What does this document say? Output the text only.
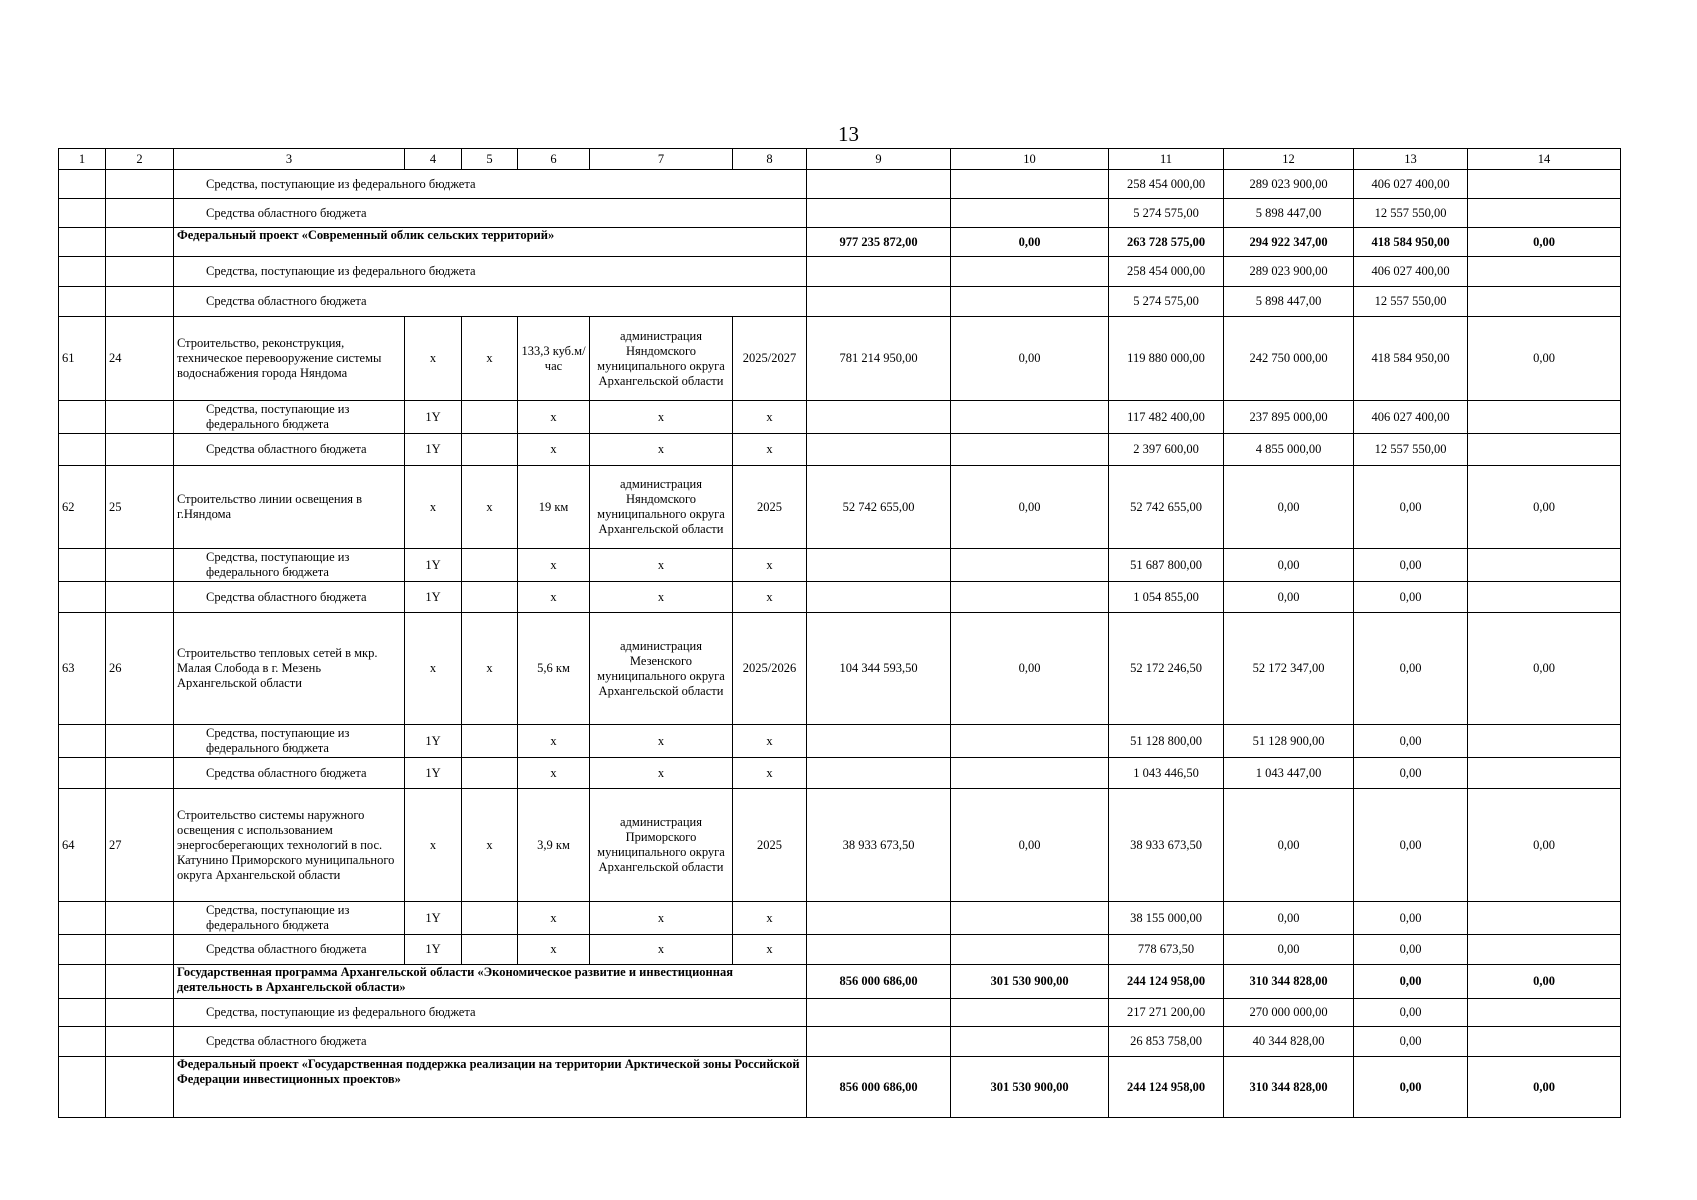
13
1	2	3	4	5	6	7	8	9	10	11	12	13	14
		Средства, поступающие из федерального бюджета								258 454 000,00	289 023 900,00	406 027 400,00	
		Средства областного бюджета								5 274 575,00	5 898 447,00	12 557 550,00	
		Федеральный проект «Современный облик сельских территорий»						977 235 872,00	0,00	263 728 575,00	294 922 347,00	418 584 950,00	0,00
		Средства, поступающие из федерального бюджета								258 454 000,00	289 023 900,00	406 027 400,00	
		Средства областного бюджета								5 274 575,00	5 898 447,00	12 557 550,00	
61	24	Строительство, реконструкция, техническое перевооружение системы водоснабжения города Няндома	х	х	133,3 куб.м/час	администрация Няндомского муниципального округа Архангельской области	2025/2027	781 214 950,00	0,00	119 880 000,00	242 750 000,00	418 584 950,00	0,00
		Средства, поступающие из федерального бюджета	1Y		х	х	х			117 482 400,00	237 895 000,00	406 027 400,00	
		Средства областного бюджета	1Y		х	х	х			2 397 600,00	4 855 000,00	12 557 550,00	
62	25	Строительство линии освещения в г.Няндома	х	х	19 км	администрация Няндомского муниципального округа Архангельской области	2025	52 742 655,00	0,00	52 742 655,00	0,00	0,00	0,00
		Средства, поступающие из федерального бюджета	1Y		х	х	х			51 687 800,00	0,00	0,00	
		Средства областного бюджета	1Y		х	х	х			1 054 855,00	0,00	0,00	
63	26	Строительство тепловых сетей в мкр. Малая Слобода в г. Мезень Архангельской области	х	х	5,6 км	администрация Мезенского муниципального округа Архангельской области	2025/2026	104 344 593,50	0,00	52 172 246,50	52 172 347,00	0,00	0,00
		Средства, поступающие из федерального бюджета	1Y		х	х	х			51 128 800,00	51 128 900,00	0,00	
		Средства областного бюджета	1Y		х	х	х			1 043 446,50	1 043 447,00	0,00	
64	27	Строительство системы наружного освещения с использованием энергосберегающих технологий в пос. Катунино Приморского муниципального округа Архангельской области	х	х	3,9 км	администрация Приморского муниципального округа Архангельской области	2025	38 933 673,50	0,00	38 933 673,50	0,00	0,00	0,00
		Средства, поступающие из федерального бюджета	1Y		х	х	х			38 155 000,00	0,00	0,00	
		Средства областного бюджета	1Y		х	х	х			778 673,50	0,00	0,00	
		Государственная программа Архангельской области «Экономическое развитие и инвестиционная деятельность в Архангельской области»						856 000 686,00	301 530 900,00	244 124 958,00	310 344 828,00	0,00	0,00
		Средства, поступающие из федерального бюджета								217 271 200,00	270 000 000,00	0,00	
		Средства областного бюджета								26 853 758,00	40 344 828,00	0,00	
		Федеральный проект «Государственная поддержка реализации на территории Арктической зоны Российской Федерации инвестиционных проектов»						856 000 686,00	301 530 900,00	244 124 958,00	310 344 828,00	0,00	0,00
